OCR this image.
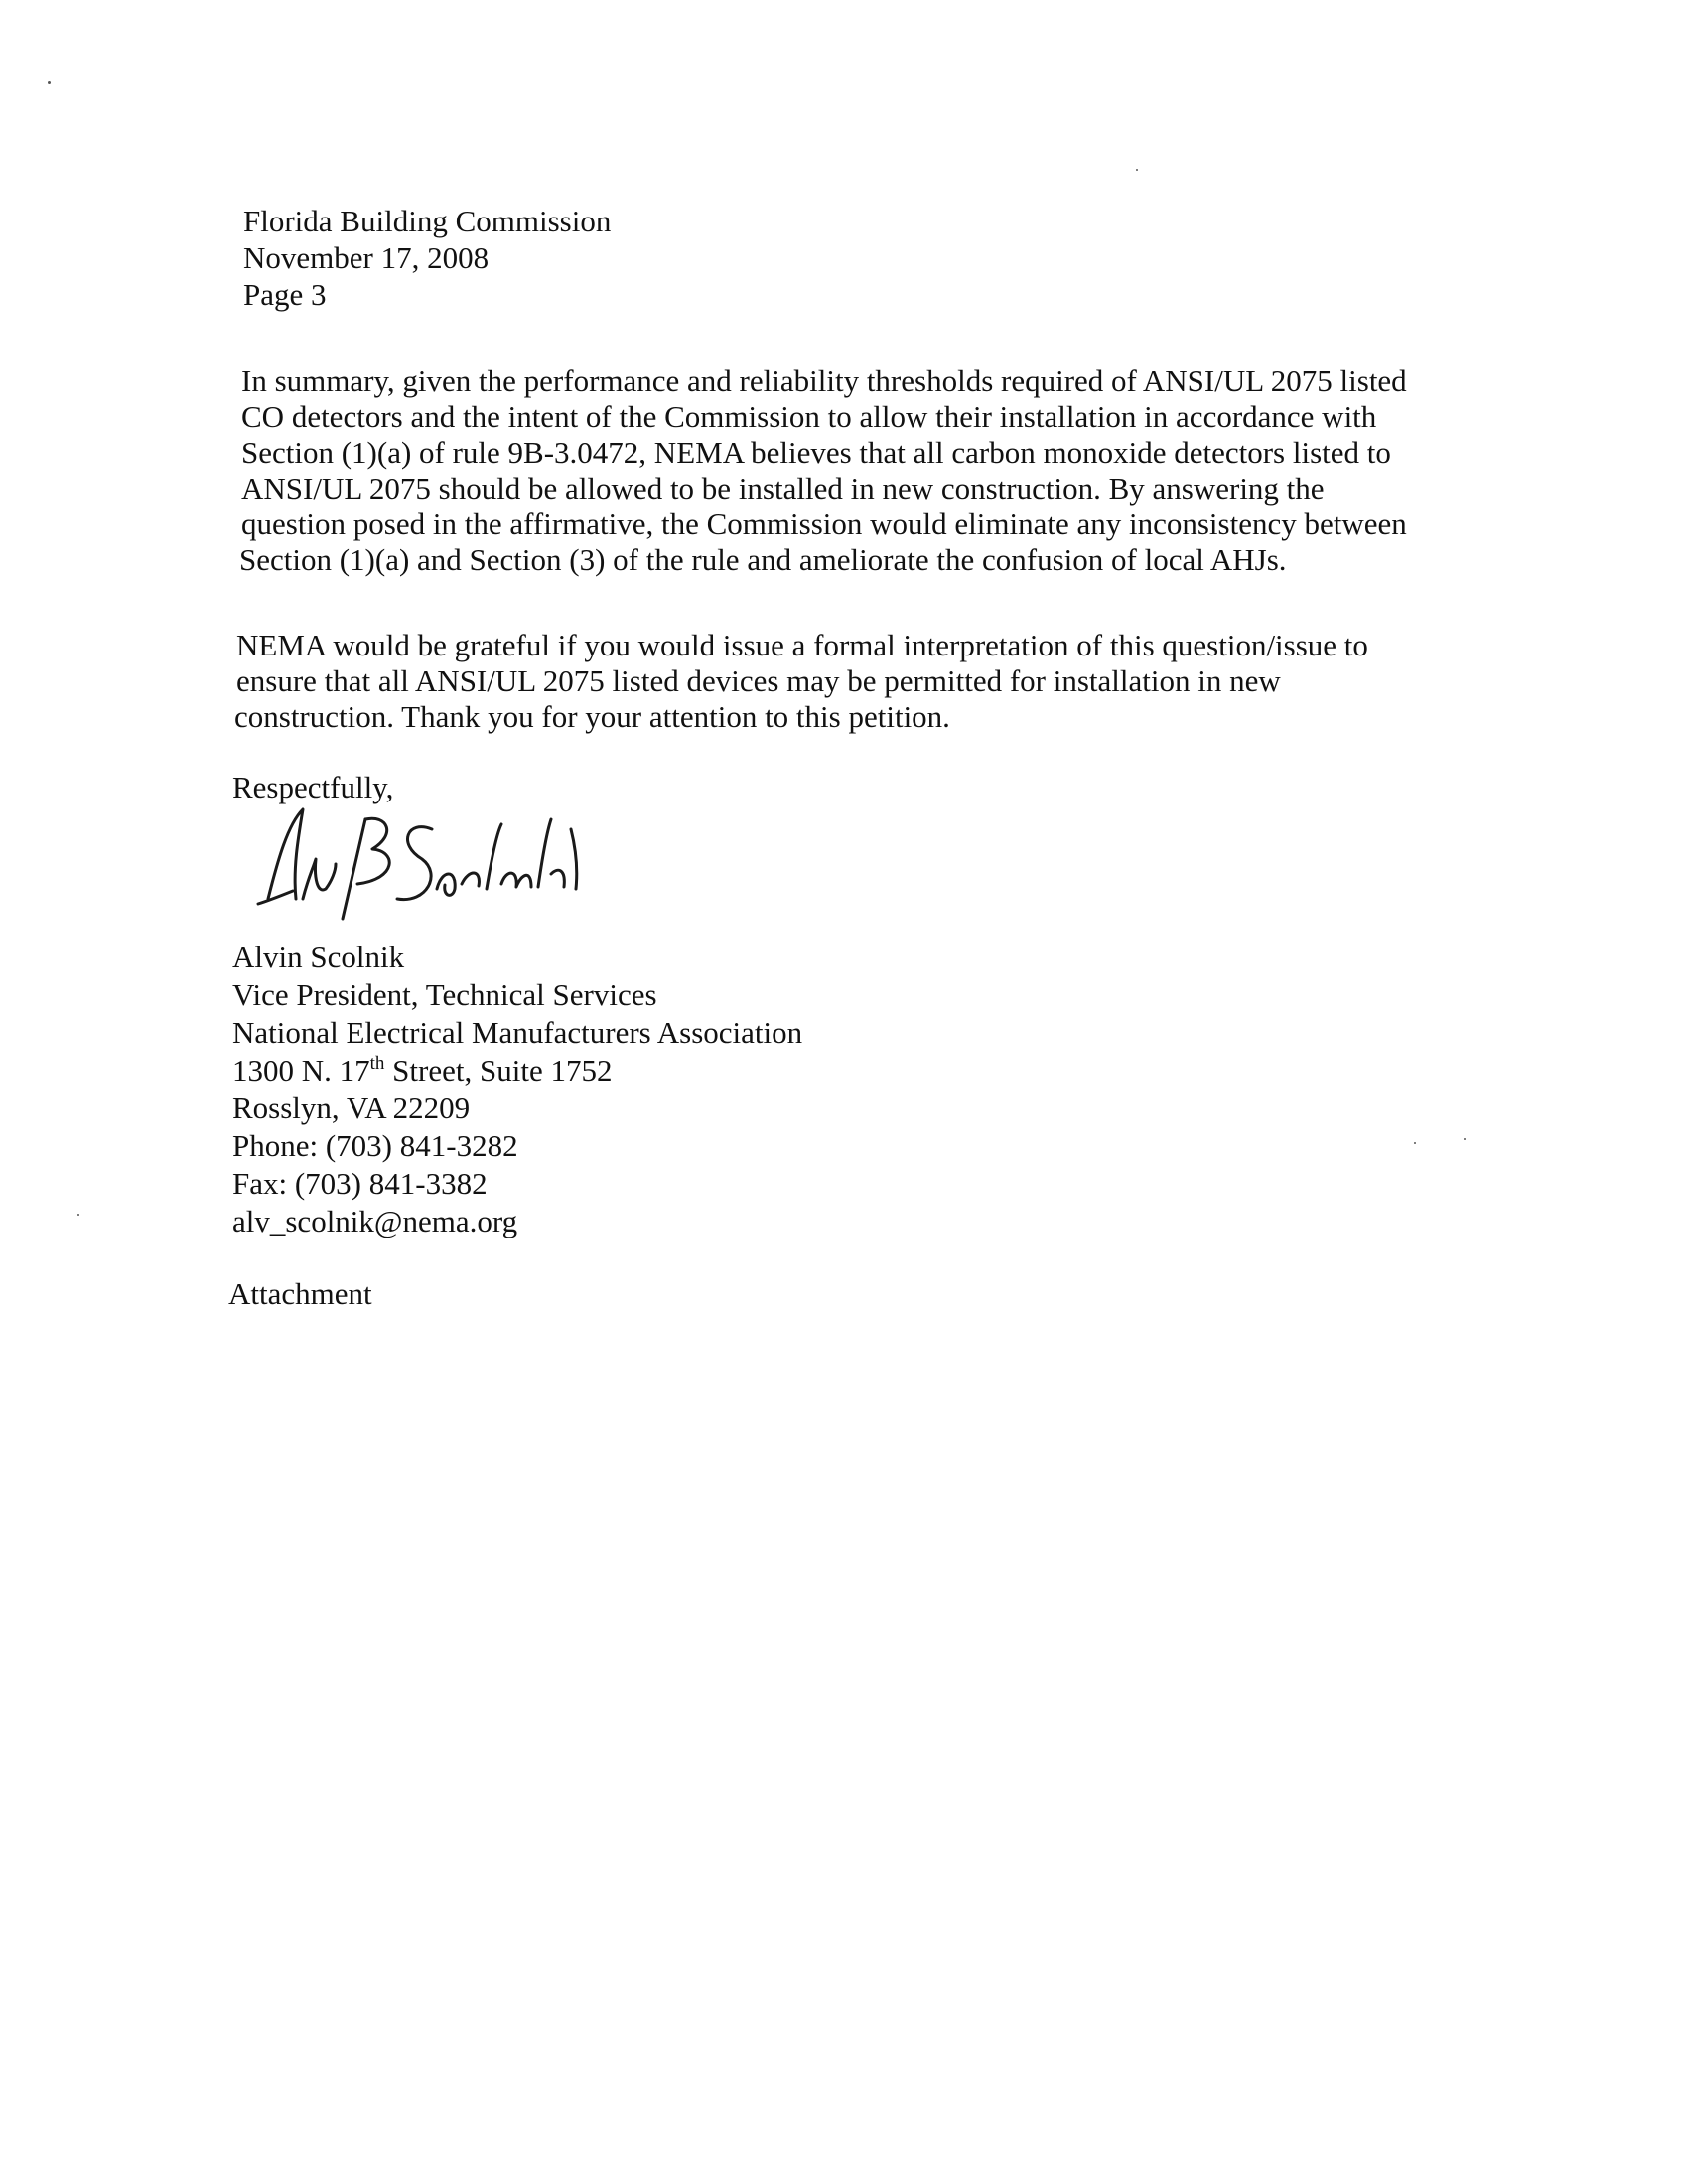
Florida Building Commission
November 17, 2008
Page 3
In summary, given the performance and reliability thresholds required of ANSI/UL 2075 listed
CO detectors and the intent of the Commission to allow their installation in accordance with
Section (1)(a) of rule 9B-3.0472, NEMA believes that all carbon monoxide detectors listed to
ANSI/UL 2075 should be allowed to be installed in new construction. By answering the
question posed in the affirmative, the Commission would eliminate any inconsistency between
Section (1)(a) and Section (3) of the rule and ameliorate the confusion of local AHJs.
NEMA would be grateful if you would issue a formal interpretation of this question/issue to
ensure that all ANSI/UL 2075 listed devices may be permitted for installation in new
construction. Thank you for your attention to this petition.
Respectfully,
Alvin Scolnik
Vice President, Technical Services
National Electrical Manufacturers Association
1300 N. 17th Street, Suite 1752
Rosslyn, VA 22209
Phone: (703) 841-3282
Fax: (703) 841-3382
alv_scolnik@nema.org
Attachment
